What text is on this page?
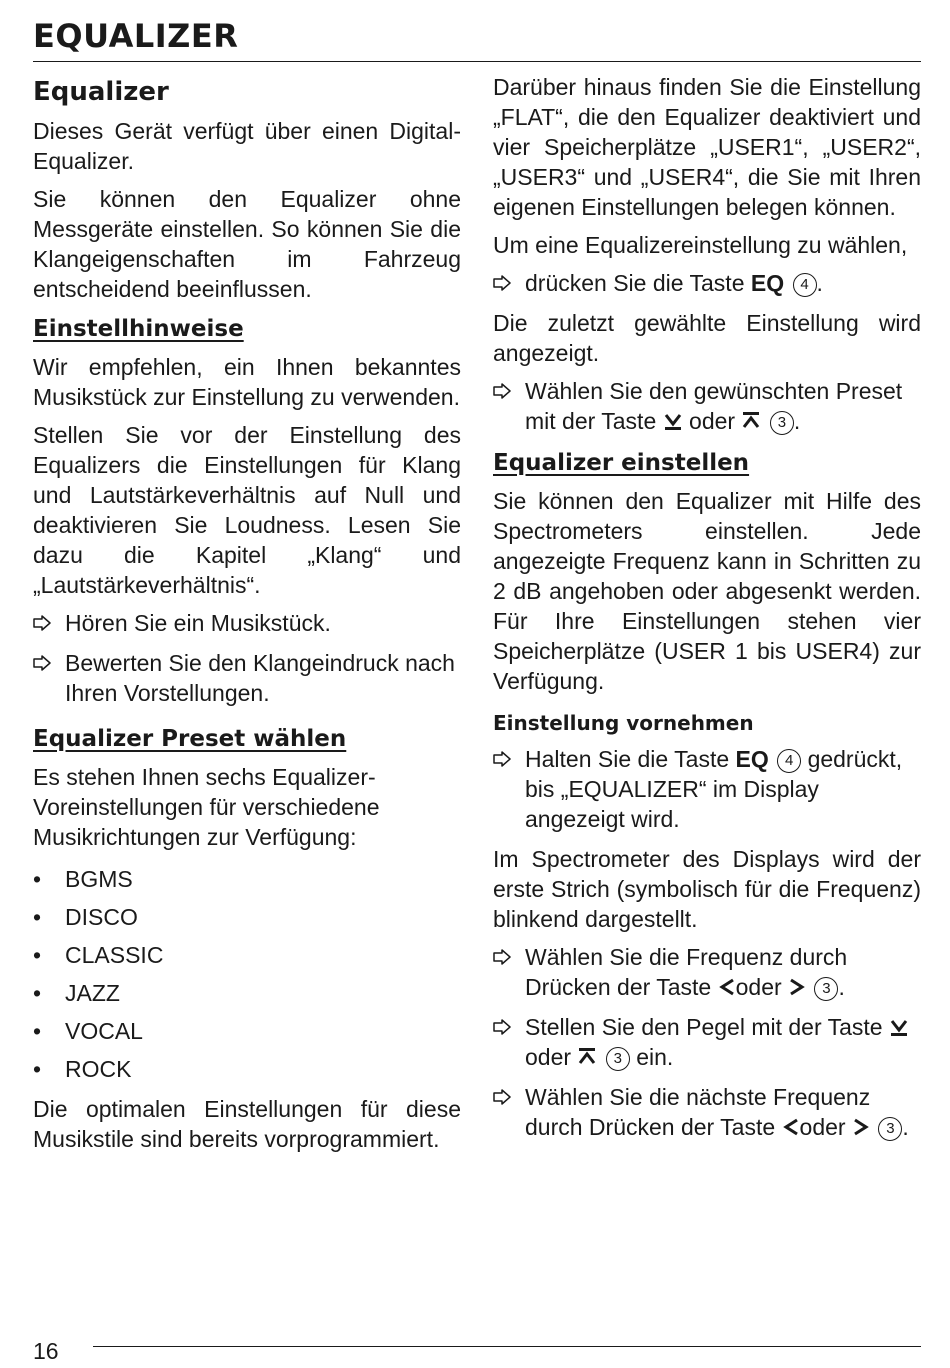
EQUALIZER
Equalizer

Dieses Gerät verfügt über einen Digital-Equalizer.

Sie können den Equalizer ohne Messgeräte einstellen. So können Sie die Klangeigenschaften im Fahrzeug entscheidend beeinflussen.

Einstellhinweise

Wir empfehlen, ein Ihnen bekanntes Musikstück zur Einstellung zu verwenden.

Stellen Sie vor der Einstellung des Equalizers die Einstellungen für Klang und Lautstärkeverhältnis auf Null und deaktivieren Sie Loudness. Lesen Sie dazu die Kapitel „Klang“ und „Lautstärkeverhältnis“.

Hören Sie ein Musikstück.
Bewerten Sie den Klangeindruck nach Ihren Vorstellungen.
Equalizer Preset wählen

Es stehen Ihnen sechs Equalizer-Voreinstellungen für verschiedene Musikrichtungen zur Verfügung:

• BGMS
• DISCO
• CLASSIC
• JAZZ
• VOCAL
• ROCK

Die optimalen Einstellungen für diese Musikstile sind bereits vorprogrammiert.

Darüber hinaus finden Sie die Einstellung „FLAT“, die den Equalizer deaktiviert und vier Speicherplätze „USER1“, „USER2“, „USER3“ und „USER4“, die Sie mit Ihren eigenen Einstellungen belegen können.

Um eine Equalizereinstellung zu wählen,

drücken Sie die Taste EQ 4 .

Die zuletzt gewählte Einstellung wird angezeigt.

Wählen Sie den gewünschten Preset mit der Taste oder	3 .
Equalizer einstellen

Sie können den Equalizer mit Hilfe des Spectrometers einstellen. Jede angezeigte Frequenz kann in Schritten zu 2 dB angehoben oder abgesenkt werden. Für Ihre Einstellungen stehen vier Speicherplätze (USER 1 bis USER4) zur Verfügung.

Einstellung vornehmen
Halten Sie die Taste EQ 4 gedrückt, bis „EQUALIZER“ im Display angezeigt wird.

Im Spectrometer des Displays wird der erste Strich (symbolisch für die Frequenz) blinkend dargestellt.

Wählen Sie die Frequenz durch Drücken der Taste oder	3 .
Stellen Sie den Pegel mit der Taste  oder	3 ein.
Wählen Sie die nächste Frequenz durch Drücken der Taste oder	3 .
16
